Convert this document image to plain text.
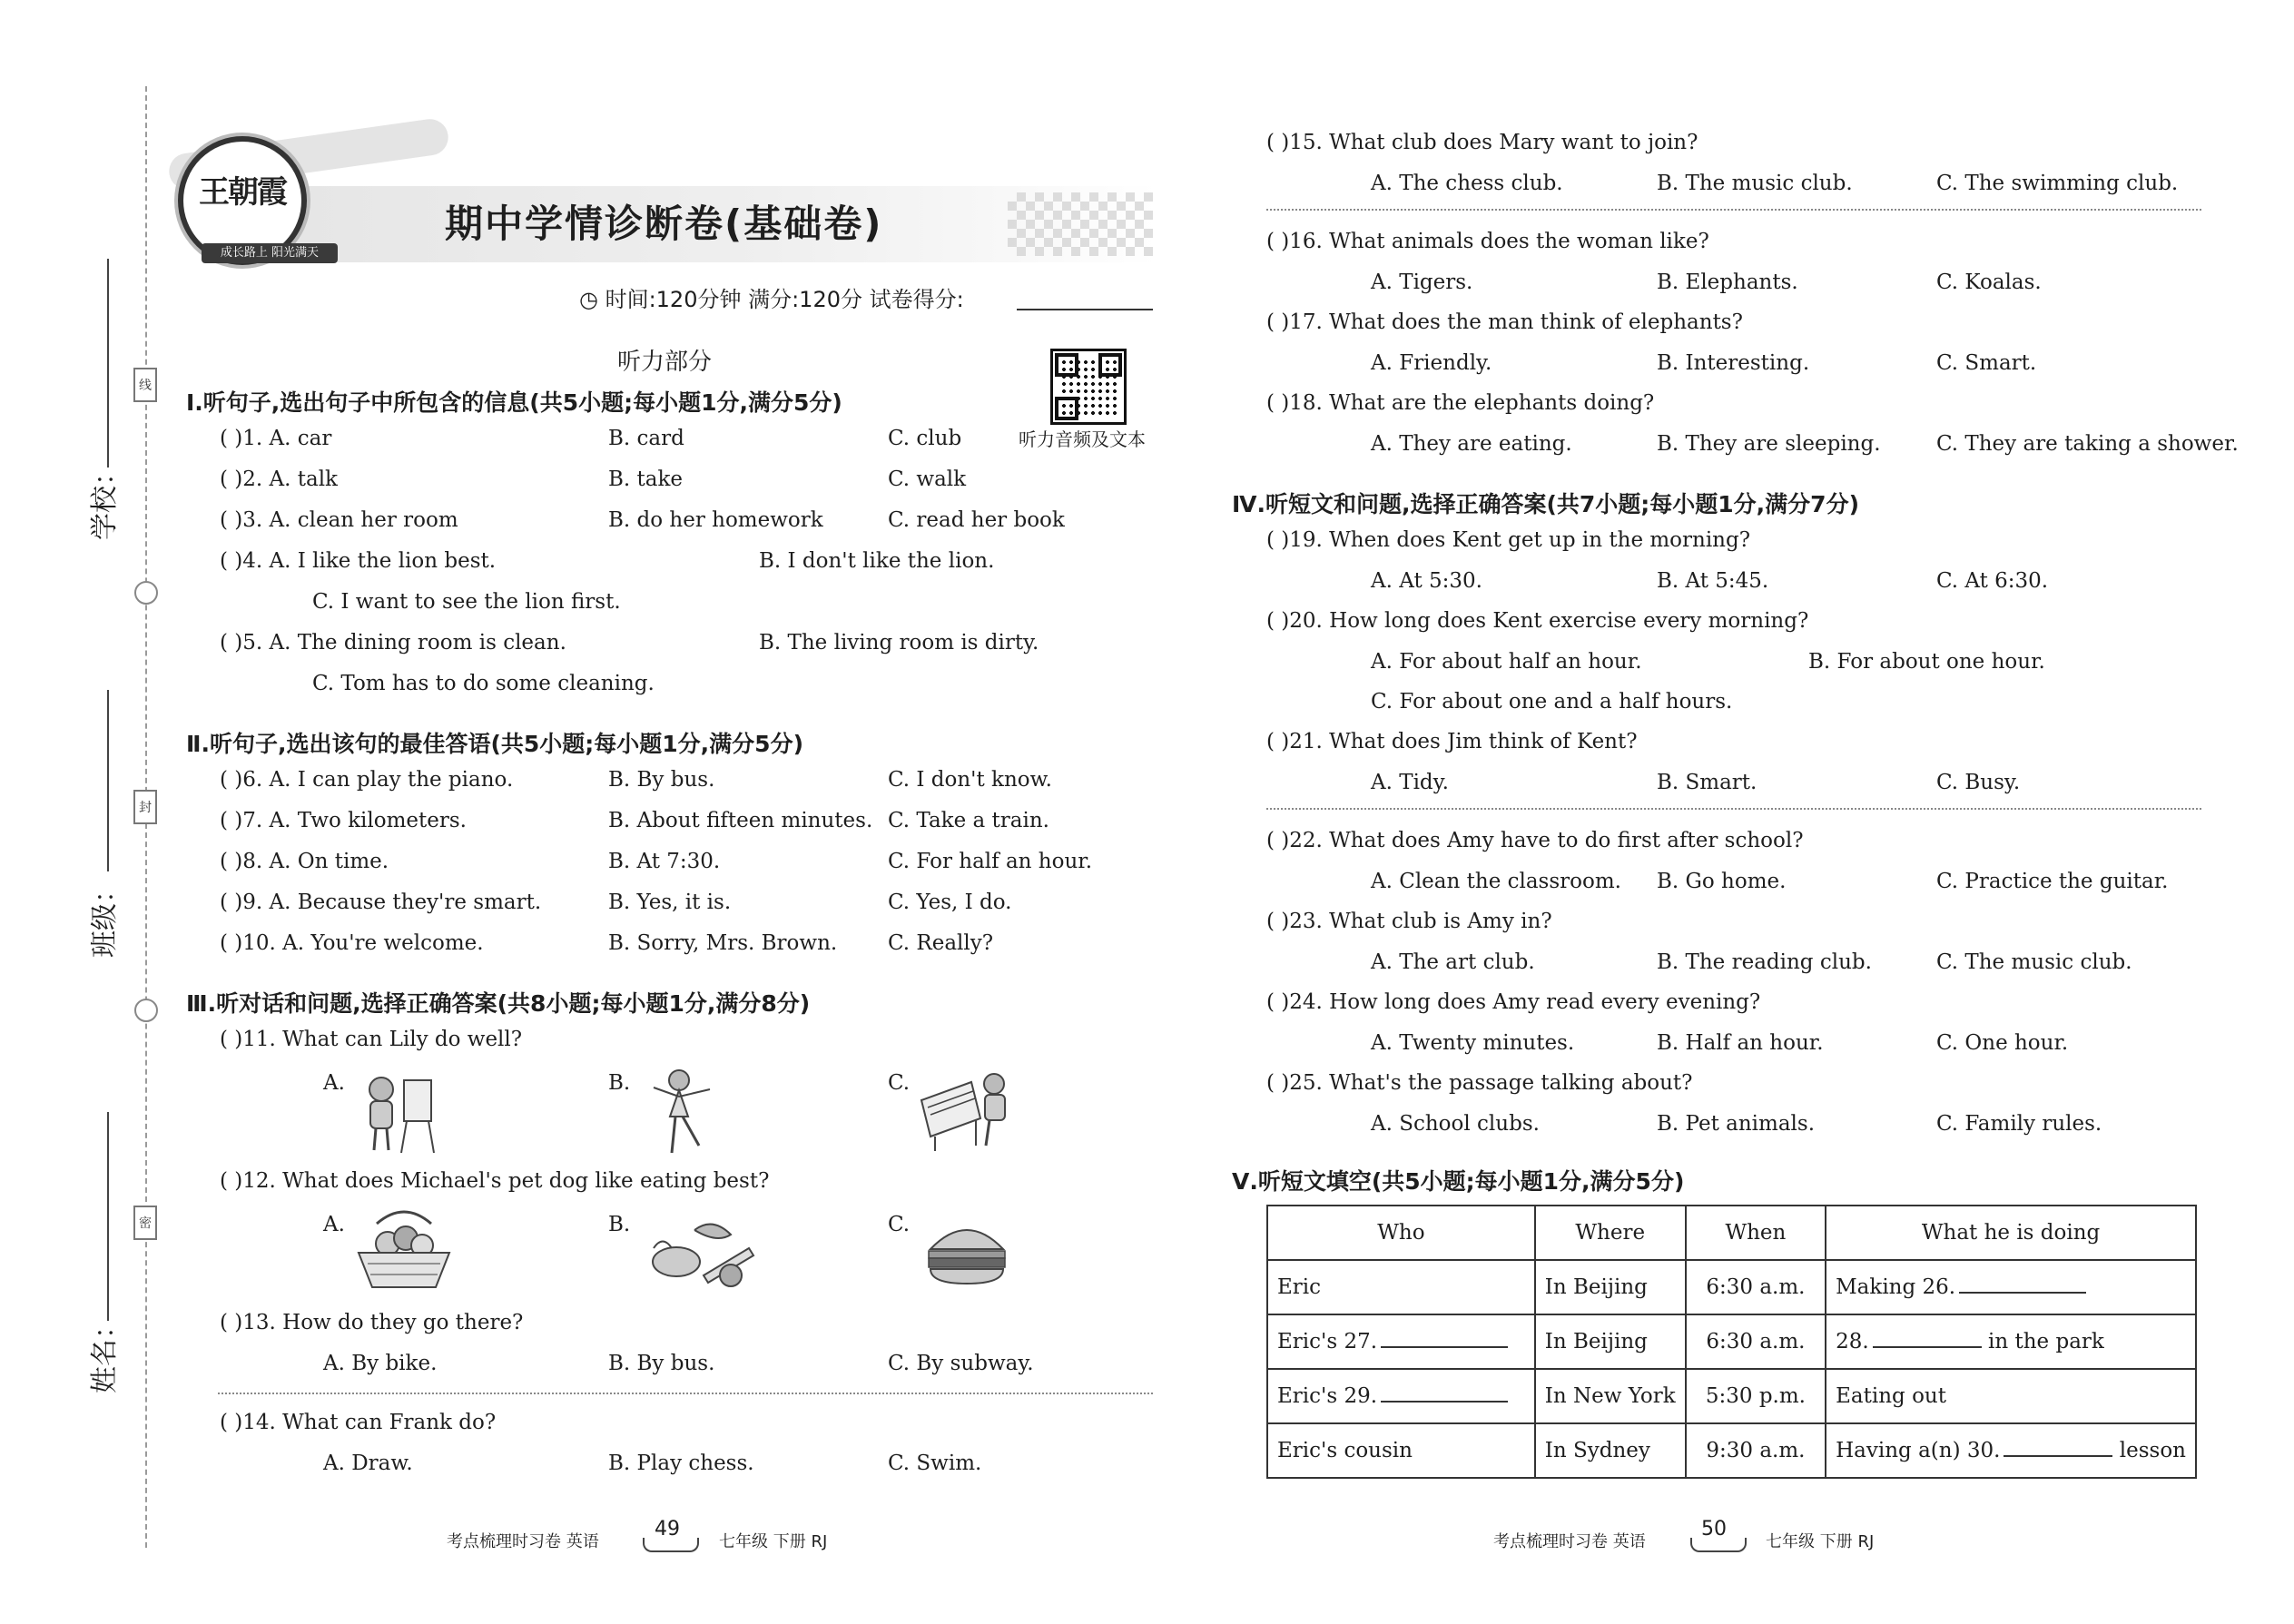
学校：
班级：
姓名：
线
封
密
王朝霞
成长路上 阳光满天
期中学情诊断卷(基础卷)
◷ 时间:120分钟 满分:120分 试卷得分:
听力音频及文本
听力部分
Ⅰ.听句子,选出句子中所包含的信息(共5小题;每小题1分,满分5分)
( )1. A. car	B. card	C. club
( )2. A. talk	B. take	C. walk
( )3. A. clean her room	B. do her homework	C. read her book
( )4. A. I like the lion best.	B. I don't like the lion.
C. I want to see the lion first.
( )5. A. The dining room is clean.	B. The living room is dirty.
C. Tom has to do some cleaning.
Ⅱ.听句子,选出该句的最佳答语(共5小题;每小题1分,满分5分)
( )6. A. I can play the piano.	B. By bus.	C. I don't know.
( )7. A. Two kilometers.	B. About fifteen minutes. C. Take a train.
( )8. A. On time.	B. At 7:30.	C. For half an hour.
( )9. A. Because they're smart.	B. Yes, it is.	C. Yes, I do.
( )10. A. You're welcome.	B. Sorry, Mrs. Brown. C. Really?
Ⅲ.听对话和问题,选择正确答案(共8小题;每小题1分,满分8分)
( )11. What can Lily do well?
A.	B.	C.
( )12. What does Michael's pet dog like eating best?
A.	B.	C.
( )13. How do they go there?
A. By bike.	B. By bus.	C. By subway.
( )14. What can Frank do?
A. Draw.	B. Play chess.	C. Swim.
考点梳理时习卷 英语
49
七年级 下册 RJ
( )15. What club does Mary want to join?
A. The chess club.	B. The music club.	C. The swimming club.
( )16. What animals does the woman like?
A. Tigers.	B. Elephants.	C. Koalas.
( )17. What does the man think of elephants?
A. Friendly.	B. Interesting.	C. Smart.
( )18. What are the elephants doing?
A. They are eating.	B. They are sleeping.	C. They are taking a shower.
Ⅳ.听短文和问题,选择正确答案(共7小题;每小题1分,满分7分)
( )19. When does Kent get up in the morning?
A. At 5:30.	B. At 5:45.	C. At 6:30.
( )20. How long does Kent exercise every morning?
A. For about half an hour.	B. For about one hour.
C. For about one and a half hours.
( )21. What does Jim think of Kent?
A. Tidy.	B. Smart.	C. Busy.
( )22. What does Amy have to do first after school?
A. Clean the classroom. B. Go home.	C. Practice the guitar.
( )23. What club is Amy in?
A. The art club.	B. The reading club.	C. The music club.
( )24. How long does Amy read every evening?
A. Twenty minutes.	B. Half an hour.	C. One hour.
( )25. What's the passage talking about?
A. School clubs.	B. Pet animals.	C. Family rules.
Ⅴ.听短文填空(共5小题;每小题1分,满分5分)
Who	Where	When	What he is doing
Eric	In Beijing	6:30 a.m.	Making 26.
Eric's 27.	In Beijing	6:30 a.m.	28. in the park
Eric's 29.	In New York	5:30 p.m.	Eating out
Eric's cousin	In Sydney	9:30 a.m.	Having a(n) 30. lesson
考点梳理时习卷 英语
50
七年级 下册 RJ
